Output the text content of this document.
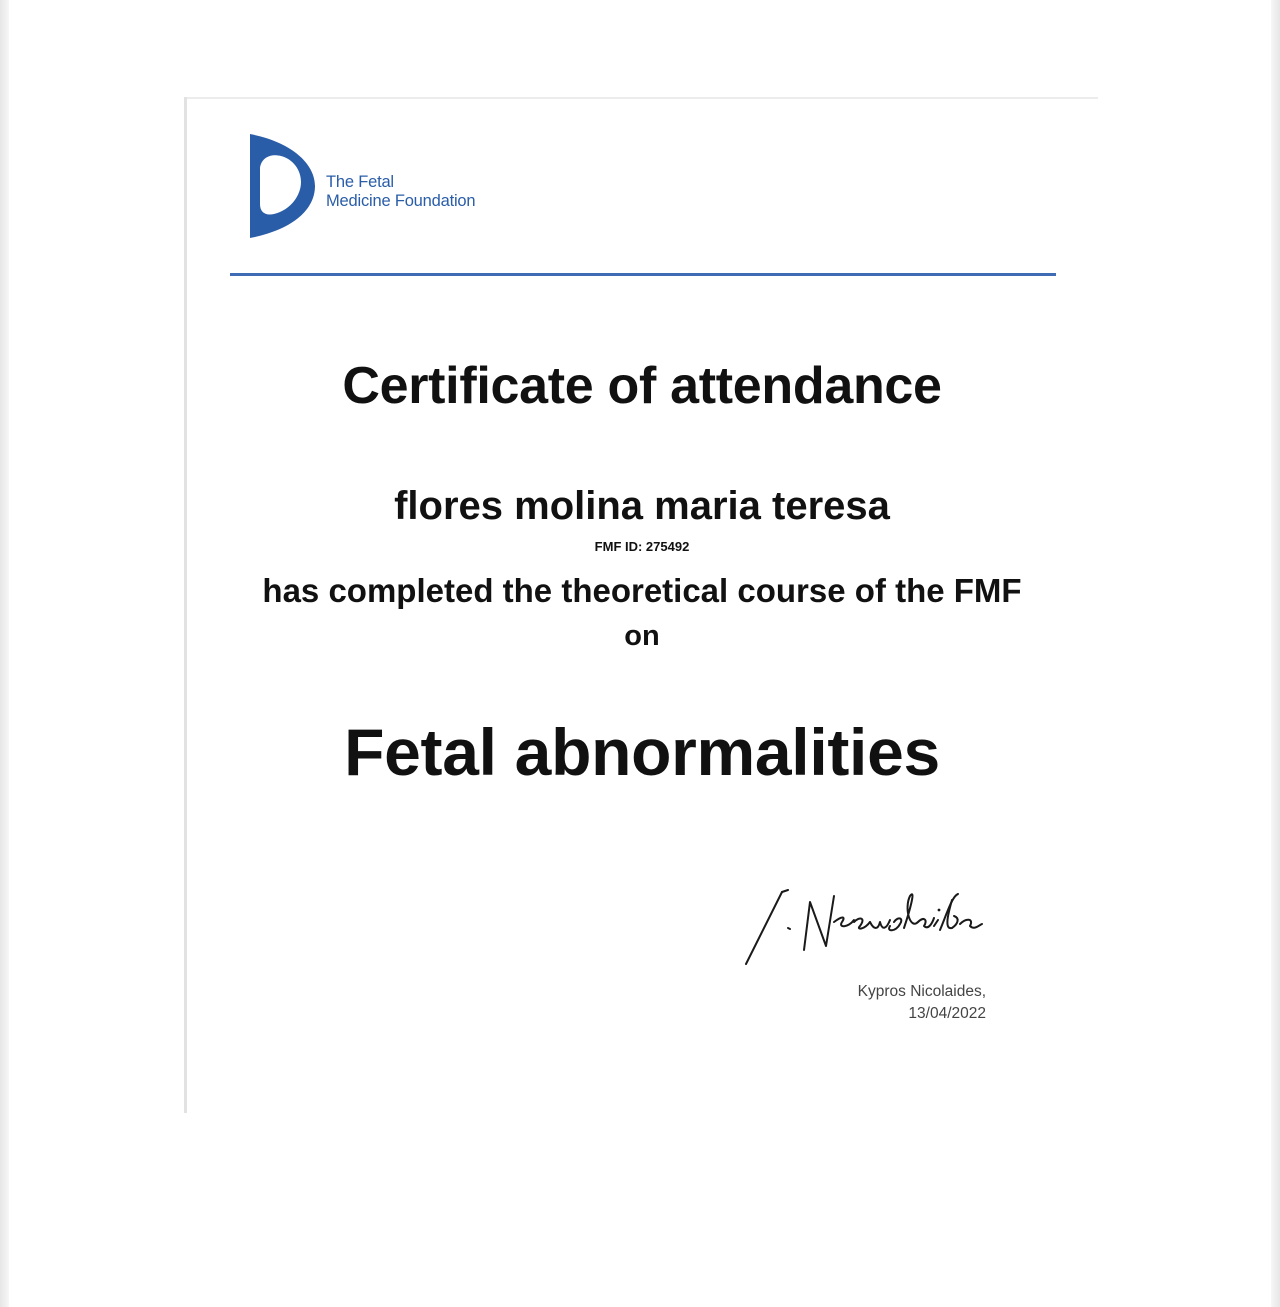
The Fetal
Medicine Foundation
Certificate of attendance
flores molina maria teresa
FMF ID: 275492
has completed the theoretical course of the FMF
on
Fetal abnormalities
Kypros Nicolaides,
13/04/2022
